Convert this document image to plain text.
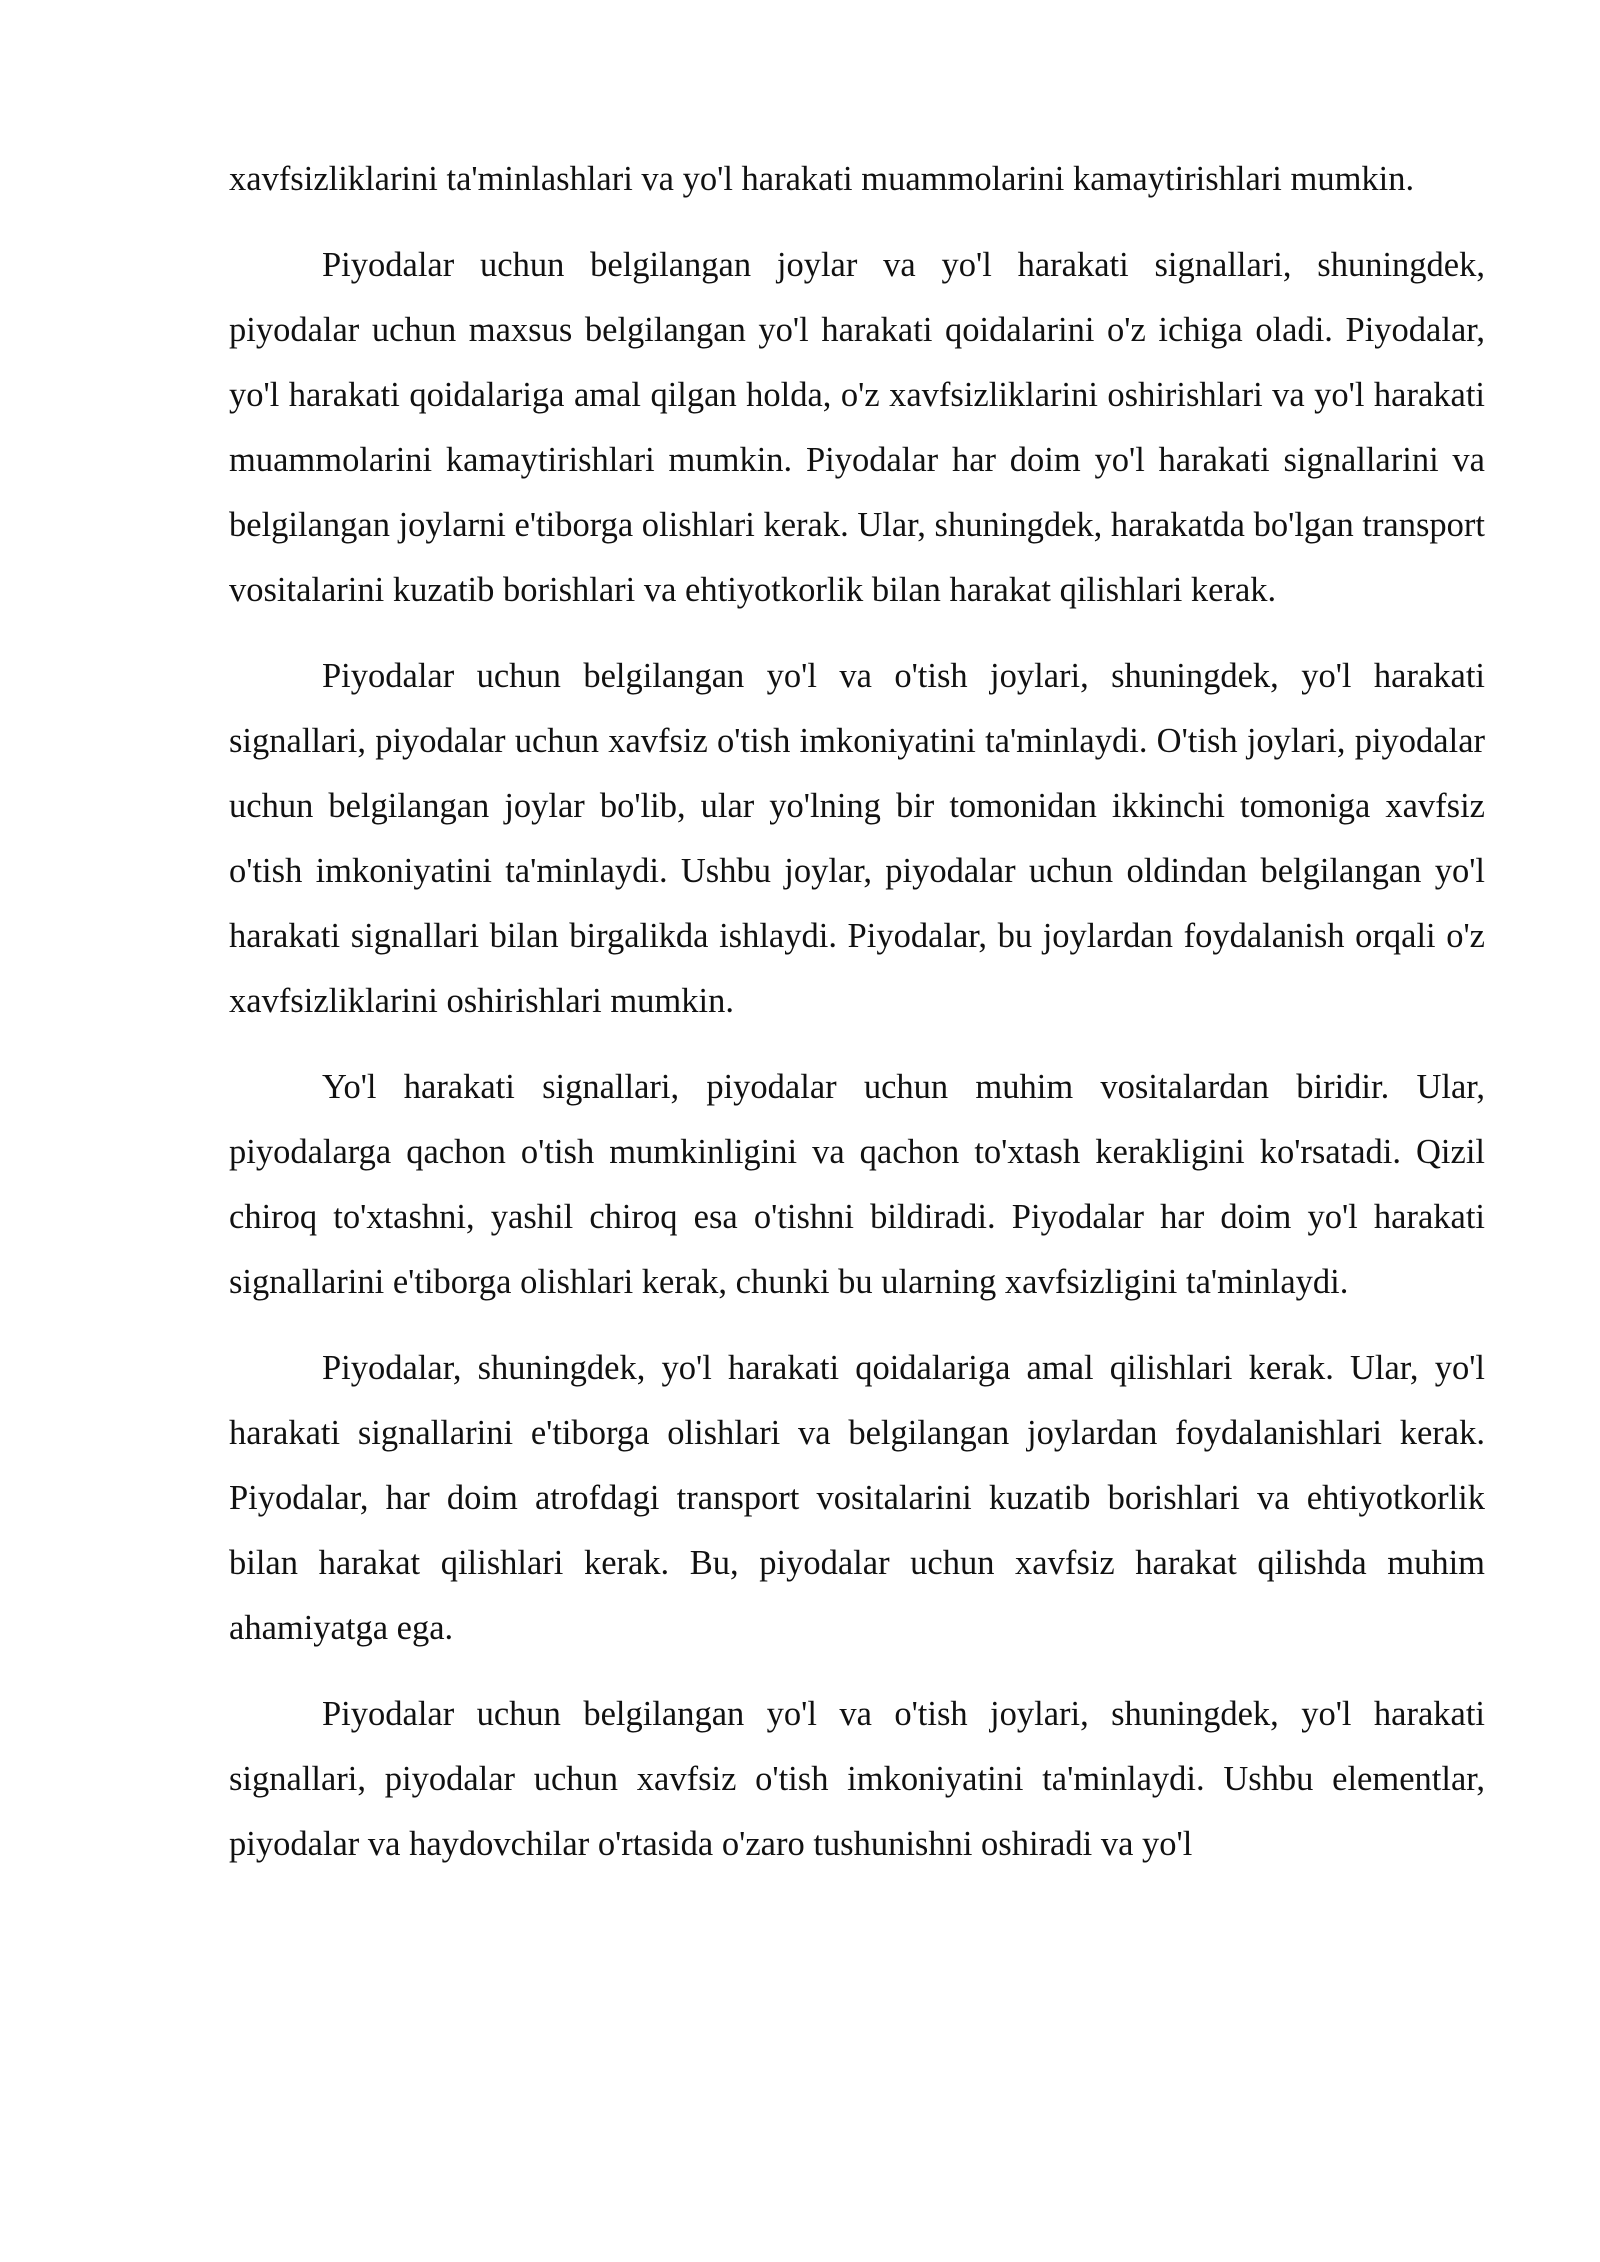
xavfsizliklarini ta'minlashlari va yo'l harakati muammolarini kamaytirishlari mumkin.

Piyodalar uchun belgilangan joylar va yo'l harakati signallari, shuningdek, piyodalar uchun maxsus belgilangan yo'l harakati qoidalarini o'z ichiga oladi. Piyodalar, yo'l harakati qoidalariga amal qilgan holda, o'z xavfsizliklarini oshirishlari va yo'l harakati muammolarini kamaytirishlari mumkin. Piyodalar har doim yo'l harakati signallarini va belgilangan joylarni e'tiborga olishlari kerak. Ular, shuningdek, harakatda bo'lgan transport vositalarini kuzatib borishlari va ehtiyotkorlik bilan harakat qilishlari kerak.

Piyodalar uchun belgilangan yo'l va o'tish joylari, shuningdek, yo'l harakati signallari, piyodalar uchun xavfsiz o'tish imkoniyatini ta'minlaydi. O'tish joylari, piyodalar uchun belgilangan joylar bo'lib, ular yo'lning bir tomonidan ikkinchi tomoniga xavfsiz o'tish imkoniyatini ta'minlaydi. Ushbu joylar, piyodalar uchun oldindan belgilangan yo'l harakati signallari bilan birgalikda ishlaydi. Piyodalar, bu joylardan foydalanish orqali o'z xavfsizliklarini oshirishlari mumkin.

Yo'l harakati signallari, piyodalar uchun muhim vositalardan biridir. Ular, piyodalarga qachon o'tish mumkinligini va qachon to'xtash kerakligini ko'rsatadi. Qizil chiroq to'xtashni, yashil chiroq esa o'tishni bildiradi. Piyodalar har doim yo'l harakati signallarini e'tiborga olishlari kerak, chunki bu ularning xavfsizligini ta'minlaydi.

Piyodalar, shuningdek, yo'l harakati qoidalariga amal qilishlari kerak. Ular, yo'l harakati signallarini e'tiborga olishlari va belgilangan joylardan foydalanishlari kerak. Piyodalar, har doim atrofdagi transport vositalarini kuzatib borishlari va ehtiyotkorlik bilan harakat qilishlari kerak. Bu, piyodalar uchun xavfsiz harakat qilishda muhim ahamiyatga ega.

Piyodalar uchun belgilangan yo'l va o'tish joylari, shuningdek, yo'l harakati signallari, piyodalar uchun xavfsiz o'tish imkoniyatini ta'minlaydi. Ushbu elementlar, piyodalar va haydovchilar o'rtasida o'zaro tushunishni oshiradi va yo'l
